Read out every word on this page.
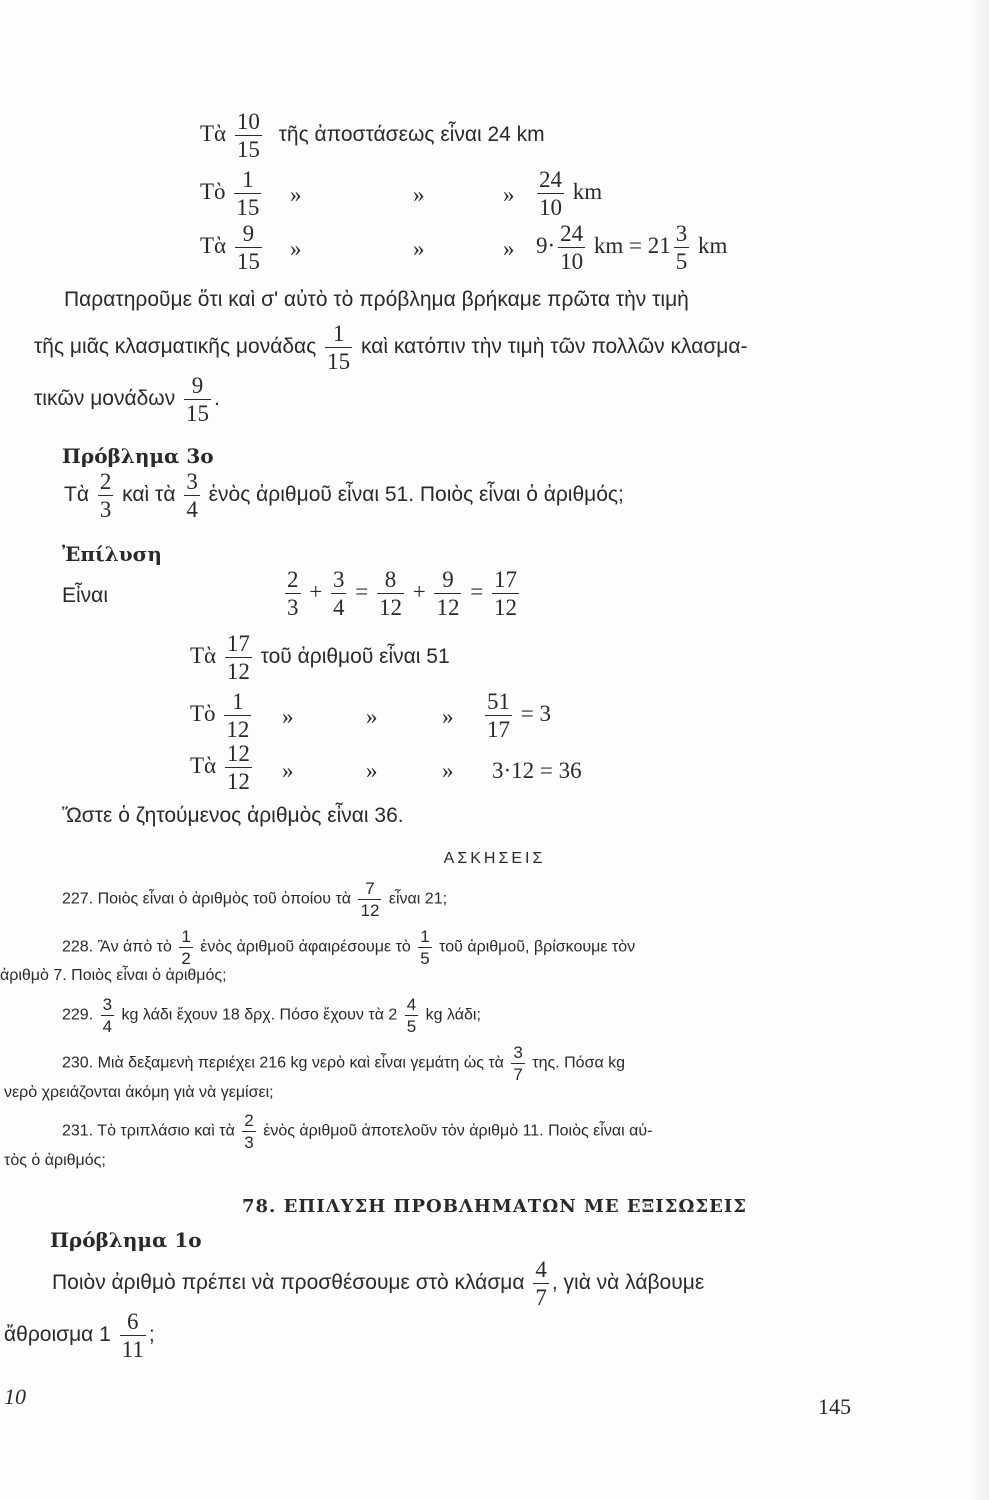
Τὰ $\frac{10}{15}$ τῆς ἀποστάσεως εἶναι 24 km
Τὸ $\frac{1}{15}$ »	»	» $\frac{24}{10}$ km
Τὰ $\frac{9}{15}$ »	»	» $9\cdot \frac{24}{10}$ km = $21 \frac{3}{5}$ km
Παρατηροῦμε ὅτι καὶ σ' αὐτὸ τὸ πρόβλημα βρήκαμε πρῶτα τὴν τιμὴ
τῆς μιᾶς κλασματικῆς μονάδας $\frac{1}{15}$ καὶ κατόπιν τὴν τιμὴ τῶν πολλῶν κλασμα-
τικῶν μονάδων $\frac{9}{15}$ .
Πρόβλημα 3ο
Τὰ $\frac{2}{3}$ καὶ τὰ $\frac{3}{4}$ ἑνὸς ἀριθμοῦ εἶναι 51. Ποιὸς εἶναι ὁ ἀριθμός;
Ἐπίλυση
Εἶναι	$\frac{2}{3} + \frac{3}{4} = \frac{8}{12} + \frac{9}{12} = \frac{17}{12}$
Τὰ $\frac{17}{12}$ τοῦ ἀριθμοῦ εἶναι 51
Τὸ $\frac{1}{12}$ »	»	» $\frac{51}{17} = 3$
Τὰ $\frac{12}{12}$ »	»	» 3·12 = 36
Ὥστε ὁ ζητούμενος ἀριθμὸς εἶναι 36.
ΑΣΚΗΣΕΙΣ
227. Ποιὸς εἶναι ὁ ἀριθμὸς τοῦ ὁποίου τὰ $\frac{7}{12}$ εἶναι 21;
228. Ἂν ἀπὸ τὸ $\frac{1}{2}$ ἑνὸς ἀριθμοῦ ἀφαιρέσουμε τὸ $\frac{1}{5}$ τοῦ ἀριθμοῦ, βρίσκουμε τὸν
ἀριθμὸ 7. Ποιὸς εἶναι ὁ ἀριθμός;
229. $\frac{3}{4}$ kg λάδι ἔχουν 18 δρχ. Πόσο ἔχουν τὰ $2 \frac{4}{5}$ kg λάδι;
230. Μιὰ δεξαμενὴ περιέχει 216 kg νερὸ καὶ εἶναι γεμάτη ὡς τὰ $\frac{3}{7} \tau\eta\varsigma$. Πόσα kg
νερὸ χρειάζονται ἀκόμη γιὰ νὰ γεμίσει;
231. Τὸ τριπλάσιο καὶ τὰ $\frac{2}{3}$ ἑνὸς ἀριθμοῦ ἀποτελοῦν τὸν ἀριθμὸ 11. Ποιὸς εἶναι αὐ-
τὸς ὁ ἀριθμός;
78. ΕΠΙΛΥΣΗ ΠΡΟΒΛΗΜΑΤΩΝ ΜΕ ΕΞΙΣΩΣΕΙΣ
Πρόβλημα 1ο
Ποιὸν ἀριθμὸ πρέπει νὰ προσθέσουμε στὸ κλάσμα $\frac{4}{7}$ , γιὰ νὰ λάβουμε
ἄθροισμα $1 \frac{6}{11}$ ;
10	145
